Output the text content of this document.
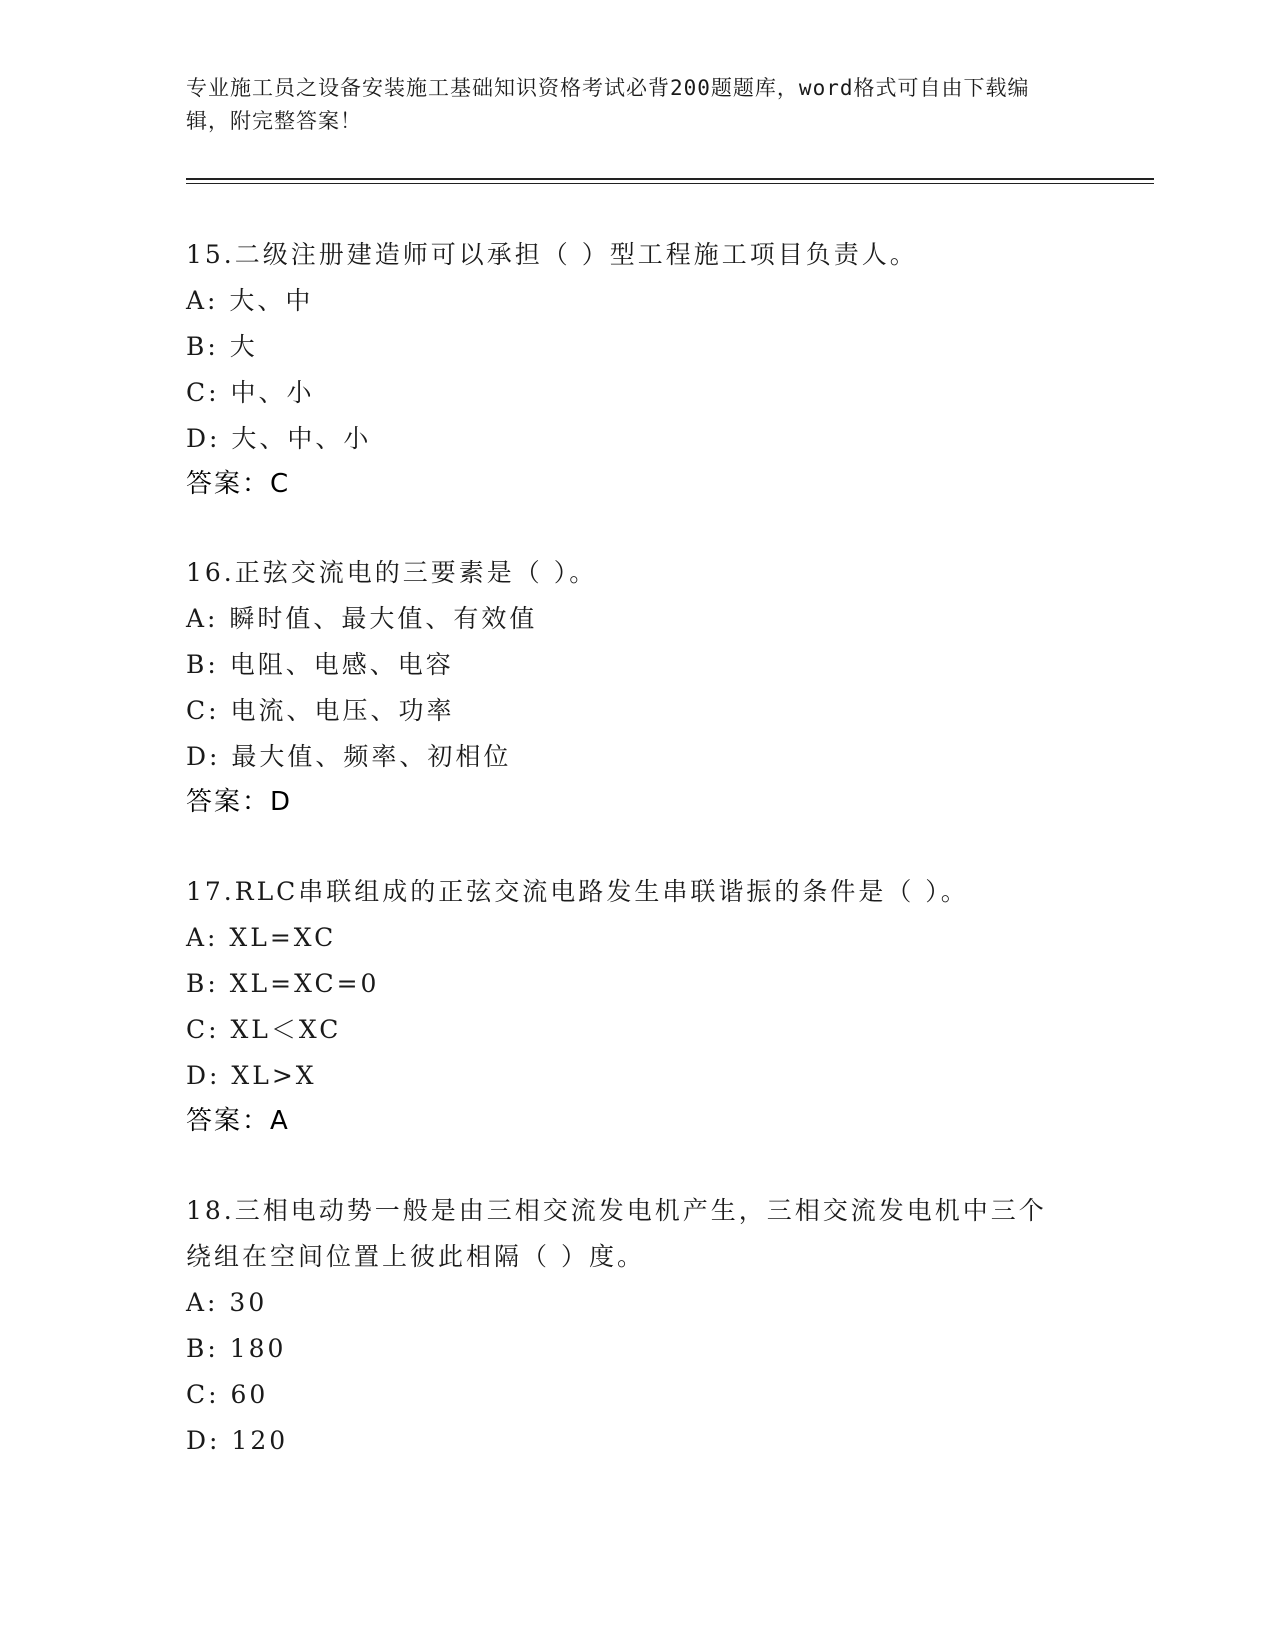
专业施工员之设备安装施工基础知识资格考试必背200题题库，word格式可自由下载编辑，附完整答案！
15.二级注册建造师可以承担（ ）型工程施工项目负责人。
A: 大、中
B: 大
C: 中、小
D: 大、中、小
答案：C
16.正弦交流电的三要素是（ ）。
A: 瞬时值、最大值、有效值
B: 电阻、电感、电容
C: 电流、电压、功率
D: 最大值、频率、初相位
答案：D
17.RLC串联组成的正弦交流电路发生串联谐振的条件是（ ）。
A: XL=XC
B: XL=XC=0
C: XL＜XC
D: XL>X
答案：A
18.三相电动势一般是由三相交流发电机产生，三相交流发电机中三个
绕组在空间位置上彼此相隔（ ）度。
A: 30
B: 180
C: 60
D: 120
